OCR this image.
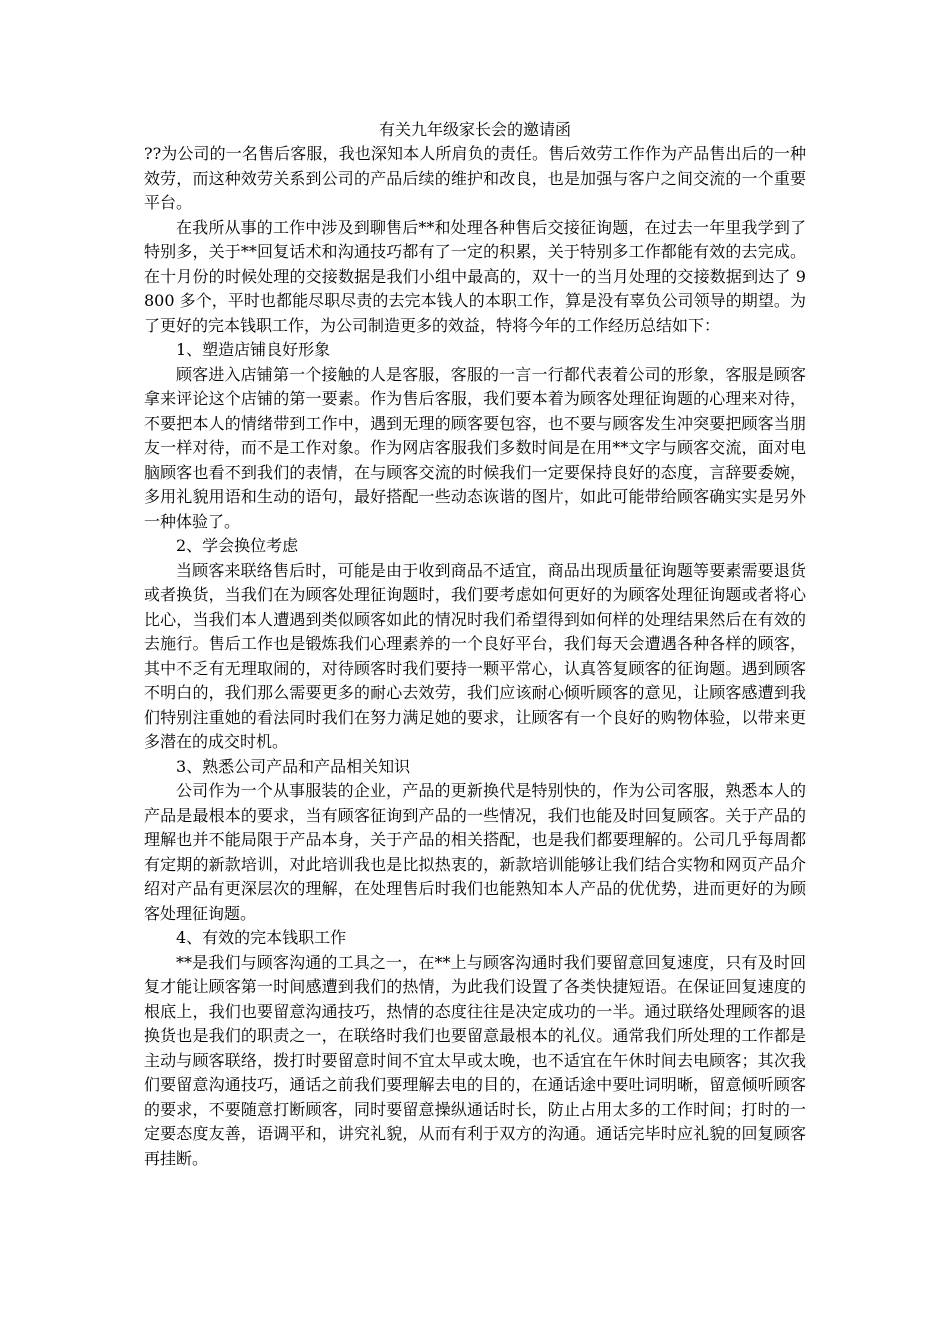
有关九年级家长会的邀请函

??为公司的一名售后客服，我也深知本人所肩负的责任。售后效劳工作作为产品售出后的一种效劳，而这种效劳关系到公司的产品后续的维护和改良，也是加强与客户之间交流的一个重要平台。

在我所从事的工作中涉及到聊售后**和处理各种售后交接征询题，在过去一年里我学到了特别多，关于**回复话术和沟通技巧都有了一定的积累，关于特别多工作都能有效的去完成。在十月份的时候处理的交接数据是我们小组中最高的，双十一的当月处理的交接数据到达了 9800 多个，平时也都能尽职尽责的去完本钱人的本职工作，算是没有辜负公司领导的期望。为了更好的完本钱职工作，为公司制造更多的效益，特将今年的工作经历总结如下：

1、塑造店铺良好形象

顾客进入店铺第一个接触的人是客服，客服的一言一行都代表着公司的形象，客服是顾客拿来评论这个店铺的第一要素。作为售后客服，我们要本着为顾客处理征询题的心理来对待，不要把本人的情绪带到工作中，遇到无理的顾客要包容，也不要与顾客发生冲突要把顾客当朋友一样对待，而不是工作对象。作为网店客服我们多数时间是在用**文字与顾客交流，面对电脑顾客也看不到我们的表情，在与顾客交流的时候我们一定要保持良好的态度，言辞要委婉，多用礼貌用语和生动的语句，最好搭配一些动态诙谐的图片，如此可能带给顾客确实实是另外一种体验了。

2、学会换位考虑

当顾客来联络售后时，可能是由于收到商品不适宜，商品出现质量征询题等要素需要退货或者换货，当我们在为顾客处理征询题时，我们要考虑如何更好的为顾客处理征询题或者将心比心，当我们本人遭遇到类似顾客如此的情况时我们希望得到如何样的处理结果然后在有效的去施行。售后工作也是锻炼我们心理素养的一个良好平台，我们每天会遭遇各种各样的顾客，其中不乏有无理取闹的，对待顾客时我们要持一颗平常心，认真答复顾客的征询题。遇到顾客不明白的，我们那么需要更多的耐心去效劳，我们应该耐心倾听顾客的意见，让顾客感遭到我们特别注重她的看法同时我们在努力满足她的要求，让顾客有一个良好的购物体验，以带来更多潜在的成交时机。

3、熟悉公司产品和产品相关知识

公司作为一个从事服装的企业，产品的更新换代是特别快的，作为公司客服，熟悉本人的产品是最根本的要求，当有顾客征询到产品的一些情况，我们也能及时回复顾客。关于产品的理解也并不能局限于产品本身，关于产品的相关搭配，也是我们都要理解的。公司几乎每周都有定期的新款培训，对此培训我也是比拟热衷的，新款培训能够让我们结合实物和网页产品介绍对产品有更深层次的理解，在处理售后时我们也能熟知本人产品的优优势，进而更好的为顾客处理征询题。

4、有效的完本钱职工作

**是我们与顾客沟通的工具之一，在**上与顾客沟通时我们要留意回复速度，只有及时回复才能让顾客第一时间感遭到我们的热情，为此我们设置了各类快捷短语。在保证回复速度的根底上，我们也要留意沟通技巧，热情的态度往往是决定成功的一半。通过联络处理顾客的退换货也是我们的职责之一，在联络时我们也要留意最根本的礼仪。通常我们所处理的工作都是主动与顾客联络，拨打时要留意时间不宜太早或太晚，也不适宜在午休时间去电顾客；其次我们要留意沟通技巧，通话之前我们要理解去电的目的，在通话途中要吐词明晰，留意倾听顾客的要求，不要随意打断顾客，同时要留意操纵通话时长，防止占用太多的工作时间；打时的一定要态度友善，语调平和，讲究礼貌，从而有利于双方的沟通。通话完毕时应礼貌的回复顾客再挂断。
